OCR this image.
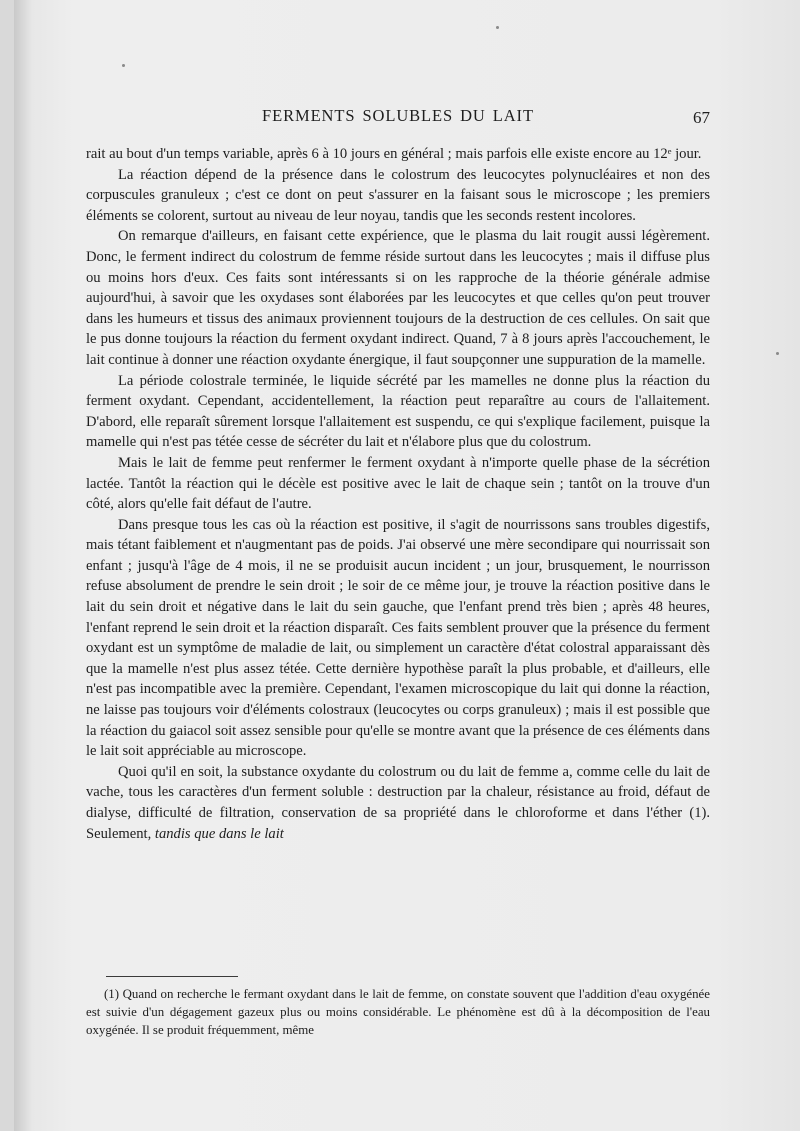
FERMENTS SOLUBLES DU LAIT	67

rait au bout d'un temps variable, après 6 à 10 jours en général ; mais parfois elle existe encore au 12ᵉ jour.

La réaction dépend de la présence dans le colostrum des leucocytes polynucléaires et non des corpuscules granuleux ; c'est ce dont on peut s'assurer en la faisant sous le microscope ; les premiers éléments se colorent, surtout au niveau de leur noyau, tandis que les seconds restent incolores.

On remarque d'ailleurs, en faisant cette expérience, que le plasma du lait rougit aussi légèrement. Donc, le ferment indirect du colostrum de femme réside surtout dans les leucocytes ; mais il diffuse plus ou moins hors d'eux. Ces faits sont intéressants si on les rapproche de la théorie générale admise aujourd'hui, à savoir que les oxydases sont élaborées par les leucocytes et que celles qu'on peut trouver dans les humeurs et tissus des animaux proviennent toujours de la destruction de ces cellules. On sait que le pus donne toujours la réaction du ferment oxydant indirect. Quand, 7 à 8 jours après l'accouchement, le lait continue à donner une réaction oxydante énergique, il faut soupçonner une suppuration de la mamelle.

La période colostrale terminée, le liquide sécrété par les mamelles ne donne plus la réaction du ferment oxydant. Cependant, accidentellement, la réaction peut reparaître au cours de l'allaitement. D'abord, elle reparaît sûrement lorsque l'allaitement est suspendu, ce qui s'explique facilement, puisque la mamelle qui n'est pas tétée cesse de sécréter du lait et n'élabore plus que du colostrum.

Mais le lait de femme peut renfermer le ferment oxydant à n'importe quelle phase de la sécrétion lactée. Tantôt la réaction qui le décèle est positive avec le lait de chaque sein ; tantôt on la trouve d'un côté, alors qu'elle fait défaut de l'autre.

Dans presque tous les cas où la réaction est positive, il s'agit de nourrissons sans troubles digestifs, mais tétant faiblement et n'augmentant pas de poids. J'ai observé une mère secondipare qui nourrissait son enfant ; jusqu'à l'âge de 4 mois, il ne se produisit aucun incident ; un jour, brusquement, le nourrisson refuse absolument de prendre le sein droit ; le soir de ce même jour, je trouve la réaction positive dans le lait du sein droit et négative dans le lait du sein gauche, que l'enfant prend très bien ; après 48 heures, l'enfant reprend le sein droit et la réaction disparaît. Ces faits semblent prouver que la présence du ferment oxydant est un symptôme de maladie de lait, ou simplement un caractère d'état colostral apparaissant dès que la mamelle n'est plus assez tétée. Cette dernière hypothèse paraît la plus probable, et d'ailleurs, elle n'est pas incompatible avec la première. Cependant, l'examen microscopique du lait qui donne la réaction, ne laisse pas toujours voir d'éléments colostraux (leucocytes ou corps granuleux) ; mais il est possible que la réaction du gaiacol soit assez sensible pour qu'elle se montre avant que la présence de ces éléments dans le lait soit appréciable au microscope.

Quoi qu'il en soit, la substance oxydante du colostrum ou du lait de femme a, comme celle du lait de vache, tous les caractères d'un ferment soluble : destruction par la chaleur, résistance au froid, défaut de dialyse, difficulté de filtration, conservation de sa propriété dans le chloroforme et dans l'éther (1). Seulement, tandis que dans le lait

(1) Quand on recherche le fermant oxydant dans le lait de femme, on constate souvent que l'addition d'eau oxygénée est suivie d'un dégagement gazeux plus ou moins considérable. Le phénomène est dû à la décomposition de l'eau oxygénée. Il se produit fréquemment, même
